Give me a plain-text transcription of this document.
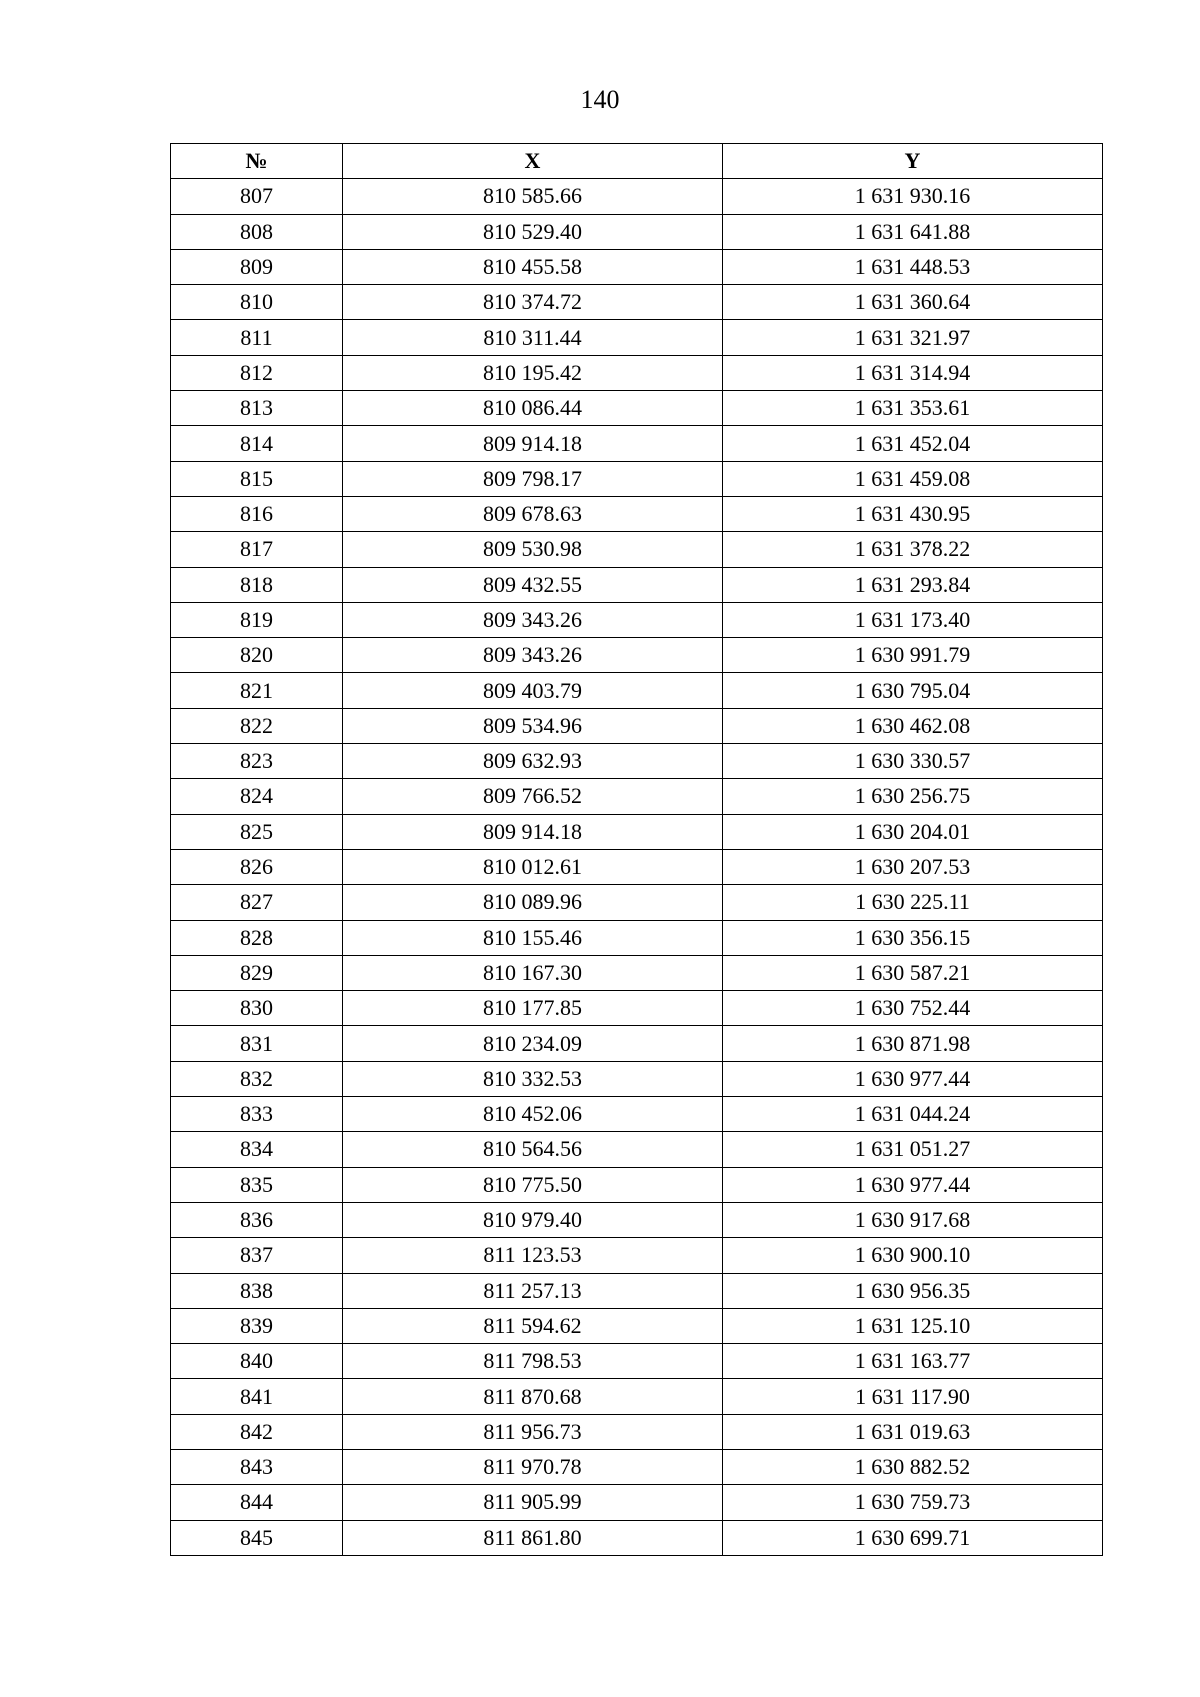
140
№	X	Y
807	810 585.66	1 631 930.16
808	810 529.40	1 631 641.88
809	810 455.58	1 631 448.53
810	810 374.72	1 631 360.64
811	810 311.44	1 631 321.97
812	810 195.42	1 631 314.94
813	810 086.44	1 631 353.61
814	809 914.18	1 631 452.04
815	809 798.17	1 631 459.08
816	809 678.63	1 631 430.95
817	809 530.98	1 631 378.22
818	809 432.55	1 631 293.84
819	809 343.26	1 631 173.40
820	809 343.26	1 630 991.79
821	809 403.79	1 630 795.04
822	809 534.96	1 630 462.08
823	809 632.93	1 630 330.57
824	809 766.52	1 630 256.75
825	809 914.18	1 630 204.01
826	810 012.61	1 630 207.53
827	810 089.96	1 630 225.11
828	810 155.46	1 630 356.15
829	810 167.30	1 630 587.21
830	810 177.85	1 630 752.44
831	810 234.09	1 630 871.98
832	810 332.53	1 630 977.44
833	810 452.06	1 631 044.24
834	810 564.56	1 631 051.27
835	810 775.50	1 630 977.44
836	810 979.40	1 630 917.68
837	811 123.53	1 630 900.10
838	811 257.13	1 630 956.35
839	811 594.62	1 631 125.10
840	811 798.53	1 631 163.77
841	811 870.68	1 631 117.90
842	811 956.73	1 631 019.63
843	811 970.78	1 630 882.52
844	811 905.99	1 630 759.73
845	811 861.80	1 630 699.71
